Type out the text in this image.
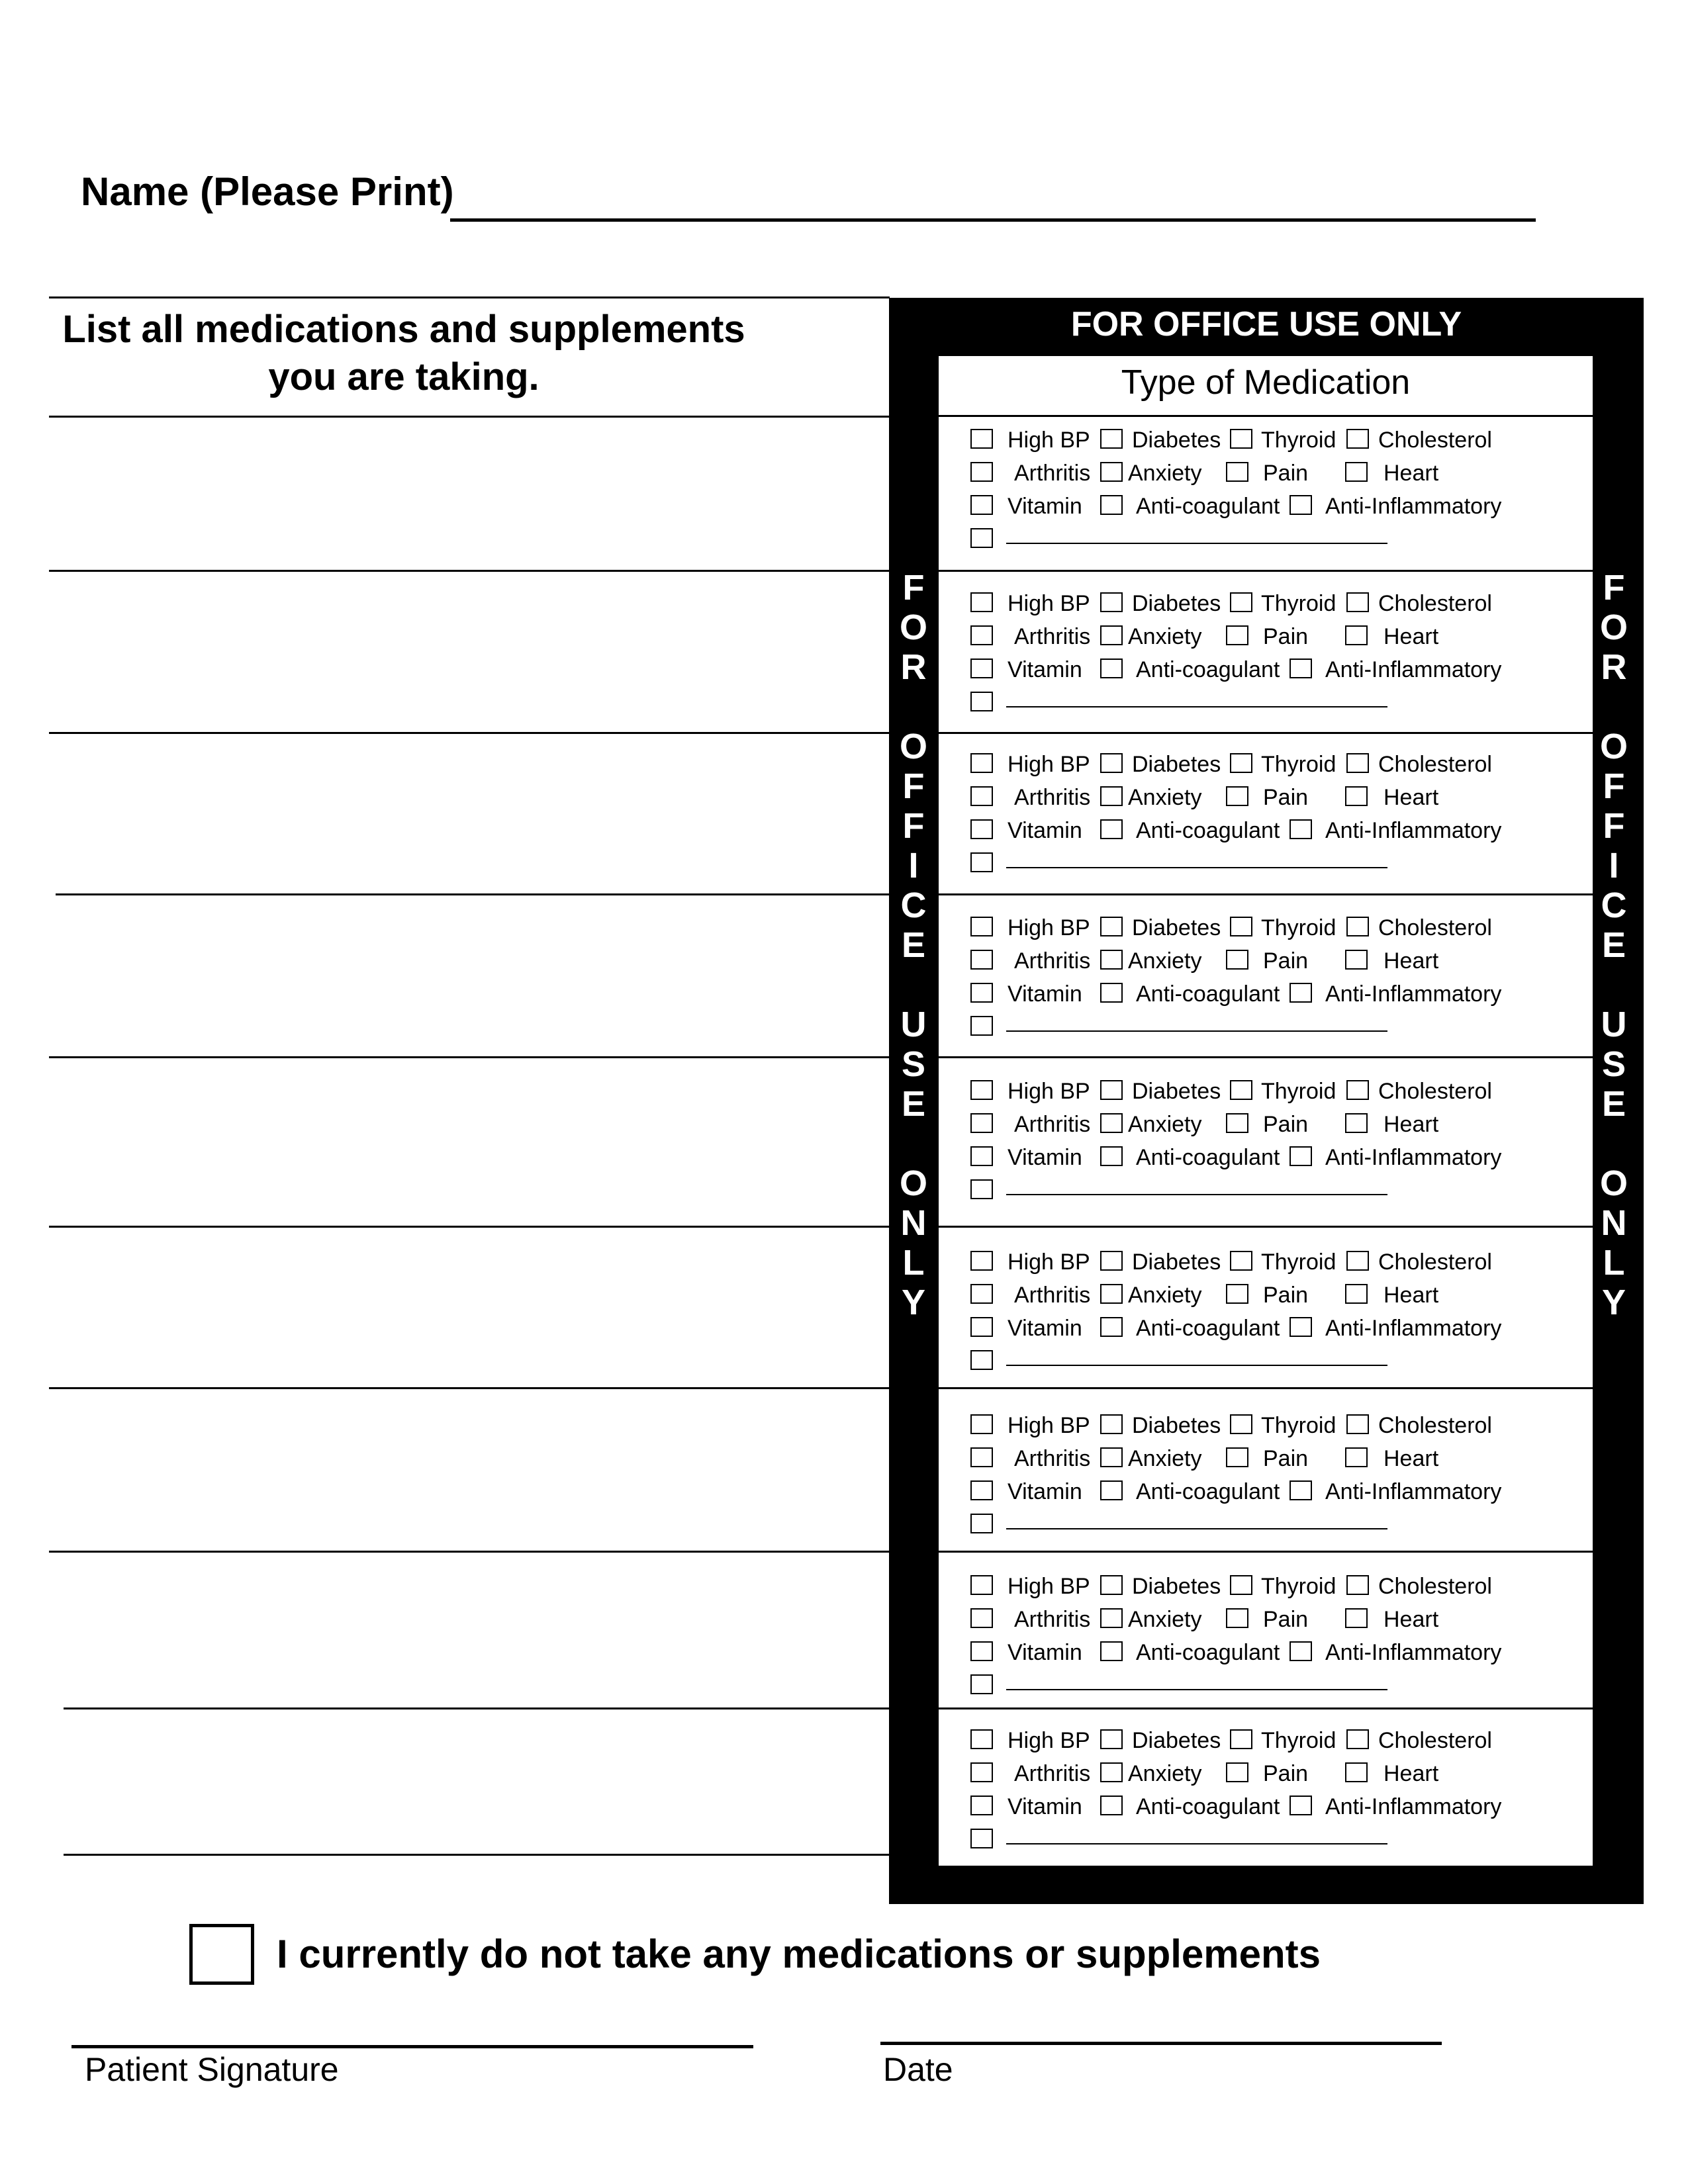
Name (Please Print)
List all medications and supplements
you are taking.
FOR OFFICE USE ONLY
Type of Medication
F
O
R

O
F
F
I
C
E

U
S
E

O
N
L
Y
F
O
R

O
F
F
I
C
E

U
S
E

O
N
L
Y
High BP Diabetes Thyroid Cholesterol
Arthritis Anxiety	Pain	Heart
Vitamin Anti-coagulant Anti-Inflammatory
High BP Diabetes Thyroid Cholesterol
Arthritis Anxiety	Pain	Heart
Vitamin Anti-coagulant Anti-Inflammatory
High BP Diabetes Thyroid Cholesterol
Arthritis Anxiety	Pain	Heart
Vitamin Anti-coagulant Anti-Inflammatory
High BP Diabetes Thyroid Cholesterol
Arthritis Anxiety	Pain	Heart
Vitamin Anti-coagulant Anti-Inflammatory
High BP Diabetes Thyroid Cholesterol
Arthritis Anxiety	Pain	Heart
Vitamin Anti-coagulant Anti-Inflammatory
High BP Diabetes Thyroid Cholesterol
Arthritis Anxiety	Pain	Heart
Vitamin Anti-coagulant Anti-Inflammatory
High BP Diabetes Thyroid Cholesterol
Arthritis Anxiety	Pain	Heart
Vitamin Anti-coagulant Anti-Inflammatory
High BP Diabetes Thyroid Cholesterol
Arthritis Anxiety	Pain	Heart
Vitamin Anti-coagulant Anti-Inflammatory
High BP Diabetes Thyroid Cholesterol
Arthritis Anxiety	Pain	Heart
Vitamin Anti-coagulant Anti-Inflammatory
I currently do not take any medications or supplements
Patient Signature	Date
